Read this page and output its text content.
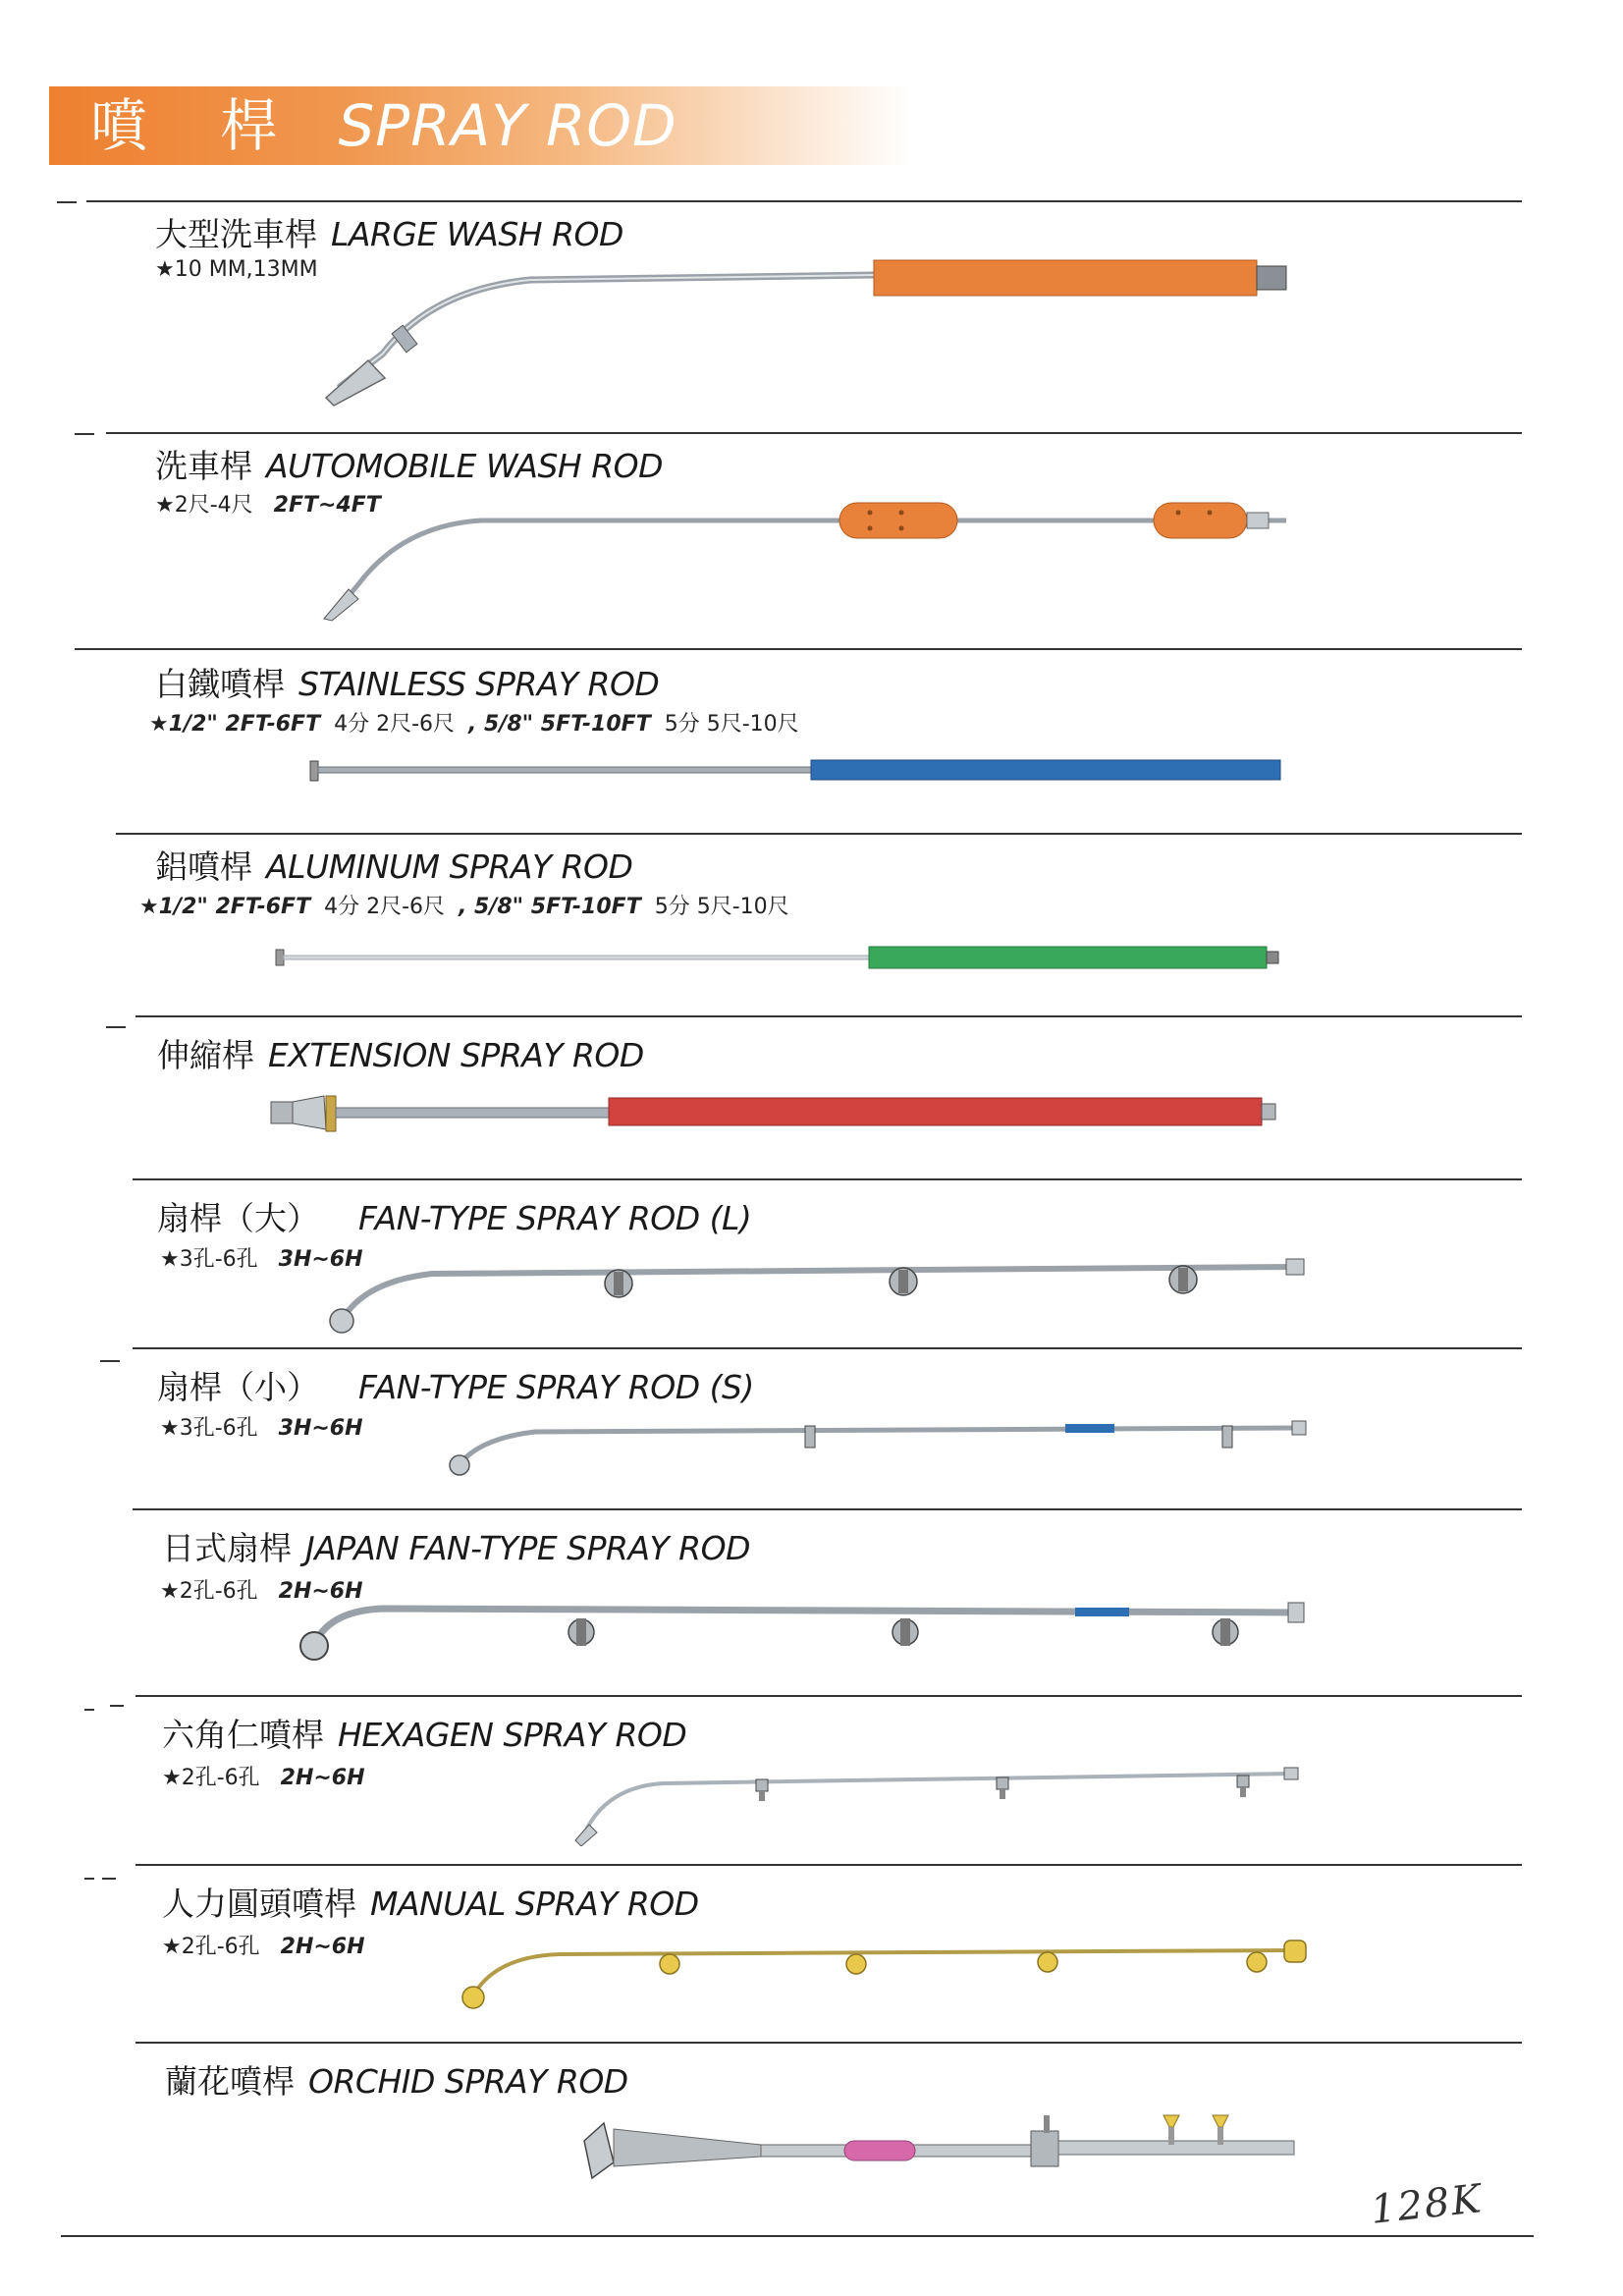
噴 桿 SPRAY ROD
大型洗車桿 LARGE WASH ROD
★10 MM,13MM
洗車桿 AUTOMOBILE WASH ROD
★2尺-4尺 2FT~4FT
白鐵噴桿 STAINLESS SPRAY ROD
★1/2" 2FT-6FT 4分 2尺-6尺 , 5/8" 5FT-10FT 5分 5尺-10尺
鋁噴桿 ALUMINUM SPRAY ROD
★1/2" 2FT-6FT 4分 2尺-6尺 , 5/8" 5FT-10FT 5分 5尺-10尺
伸縮桿 EXTENSION SPRAY ROD
扇桿（大） FAN-TYPE SPRAY ROD (L)
★3孔-6孔 3H~6H
扇桿（小） FAN-TYPE SPRAY ROD (S)
★3孔-6孔 3H~6H
日式扇桿 JAPAN FAN-TYPE SPRAY ROD
★2孔-6孔 2H~6H
六角仁噴桿 HEXAGEN SPRAY ROD
★2孔-6孔 2H~6H
人力圓頭噴桿 MANUAL SPRAY ROD
★2孔-6孔 2H~6H
蘭花噴桿 ORCHID SPRAY ROD
128K
